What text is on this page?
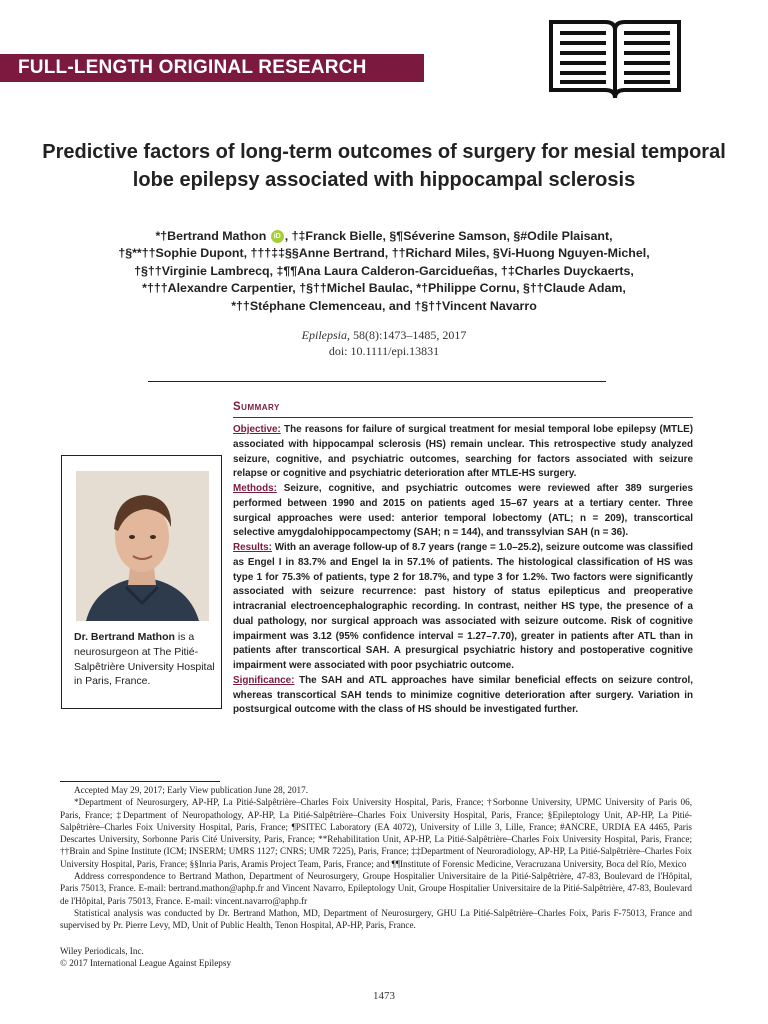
FULL-LENGTH ORIGINAL RESEARCH
Predictive factors of long-term outcomes of surgery for mesial temporal lobe epilepsy associated with hippocampal sclerosis
*†Bertrand Mathon iD , †‡Franck Bielle, §¶Séverine Samson, §#Odile Plaisant,
†§**††Sophie Dupont, †††‡‡§§Anne Bertrand, ††Richard Miles, §Vi-Huong Nguyen-Michel,
†§††Virginie Lambrecq, ‡¶¶Ana Laura Calderon-Garcidueñas, †‡Charles Duyckaerts,
*†††Alexandre Carpentier, †§††Michel Baulac, *†Philippe Cornu, §††Claude Adam,
*††Stéphane Clemenceau, and †§††Vincent Navarro
Epilepsia, 58(8):1473–1485, 2017
doi: 10.1111/epi.13831
Summary

Objective: The reasons for failure of surgical treatment for mesial temporal lobe epilepsy (MTLE) associated with hippocampal sclerosis (HS) remain unclear. This retrospective study analyzed seizure, cognitive, and psychiatric outcomes, searching for factors associated with seizure relapse or cognitive and psychiatric deterioration after MTLE-HS surgery.

Methods: Seizure, cognitive, and psychiatric outcomes were reviewed after 389 surgeries performed between 1990 and 2015 on patients aged 15–67 years at a tertiary center. Three surgical approaches were used: anterior temporal lobectomy (ATL; n = 209), transcortical selective amygdalohippocampectomy (SAH; n = 144), and transsylvian SAH (n = 36).

Results: With an average follow-up of 8.7 years (range = 1.0–25.2), seizure outcome was classified as Engel I in 83.7% and Engel Ia in 57.1% of patients. The histological classification of HS was type 1 for 75.3% of patients, type 2 for 18.7%, and type 3 for 1.2%. Two factors were significantly associated with seizure recurrence: past history of status epilepticus and preoperative intracranial electroencephalographic recording. In contrast, neither HS type, the presence of a dual pathology, nor surgical approach was associated with seizure outcome. Risk of cognitive impairment was 3.12 (95% confidence interval = 1.27–7.70), greater in patients after ATL than in patients after transcortical SAH. A presurgical psychiatric history and postoperative cognitive impairment were associated with poor psychiatric outcome.

Significance: The SAH and ATL approaches have similar beneficial effects on seizure control, whereas transcortical SAH tends to minimize cognitive deterioration after surgery. Variation in postsurgical outcome with the class of HS should be investigated further.

Dr. Bertrand Mathon is a neurosurgeon at The Pitié-Salpêtrière University Hospital in Paris, France.

Accepted May 29, 2017; Early View publication June 28, 2017.

*Department of Neurosurgery, AP-HP, La Pitié-Salpêtrière–Charles Foix University Hospital, Paris, France; †Sorbonne University, UPMC University of Paris 06, Paris, France; ‡Department of Neuropathology, AP-HP, La Pitié-Salpêtrière–Charles Foix University Hospital, Paris, France; §Epileptology Unit, AP-HP, La Pitié-Salpêtrière–Charles Foix University Hospital, Paris, France; ¶PSITEC Laboratory (EA 4072), University of Lille 3, Lille, France; #ANCRE, URDIA EA 4465, Paris Descartes University, Sorbonne Paris Cité University, Paris, France; **Rehabilitation Unit, AP-HP, La Pitié-Salpêtrière–Charles Foix University Hospital, Paris, France; ††Brain and Spine Institute (ICM; INSERM; UMRS 1127; CNRS; UMR 7225), Paris, France; ‡‡Department of Neuroradiology, AP-HP, La Pitié-Salpêtrière–Charles Foix University Hospital, Paris, France; §§Inria Paris, Aramis Project Team, Paris, France; and ¶¶Institute of Forensic Medicine, Veracruzana University, Boca del Río, Mexico

Address correspondence to Bertrand Mathon, Department of Neurosurgery, Groupe Hospitalier Universitaire de la Pitié-Salpêtrière, 47-83, Boulevard de l'Hôpital, Paris 75013, France. E-mail: bertrand.mathon@aphp.fr and Vincent Navarro, Epileptology Unit, Groupe Hospitalier Universitaire de la Pitié-Salpêtrière, 47-83, Boulevard de l'Hôpital, Paris 75013, France. E-mail: vincent.navarro@aphp.fr

Statistical analysis was conducted by Dr. Bertrand Mathon, MD, Department of Neurosurgery, GHU La Pitié-Salpêtrière–Charles Foix, Paris F-75013, France and supervised by Pr. Pierre Levy, MD, Unit of Public Health, Tenon Hospital, AP-HP, Paris, France.

Wiley Periodicals, Inc.

© 2017 International League Against Epilepsy

1473
